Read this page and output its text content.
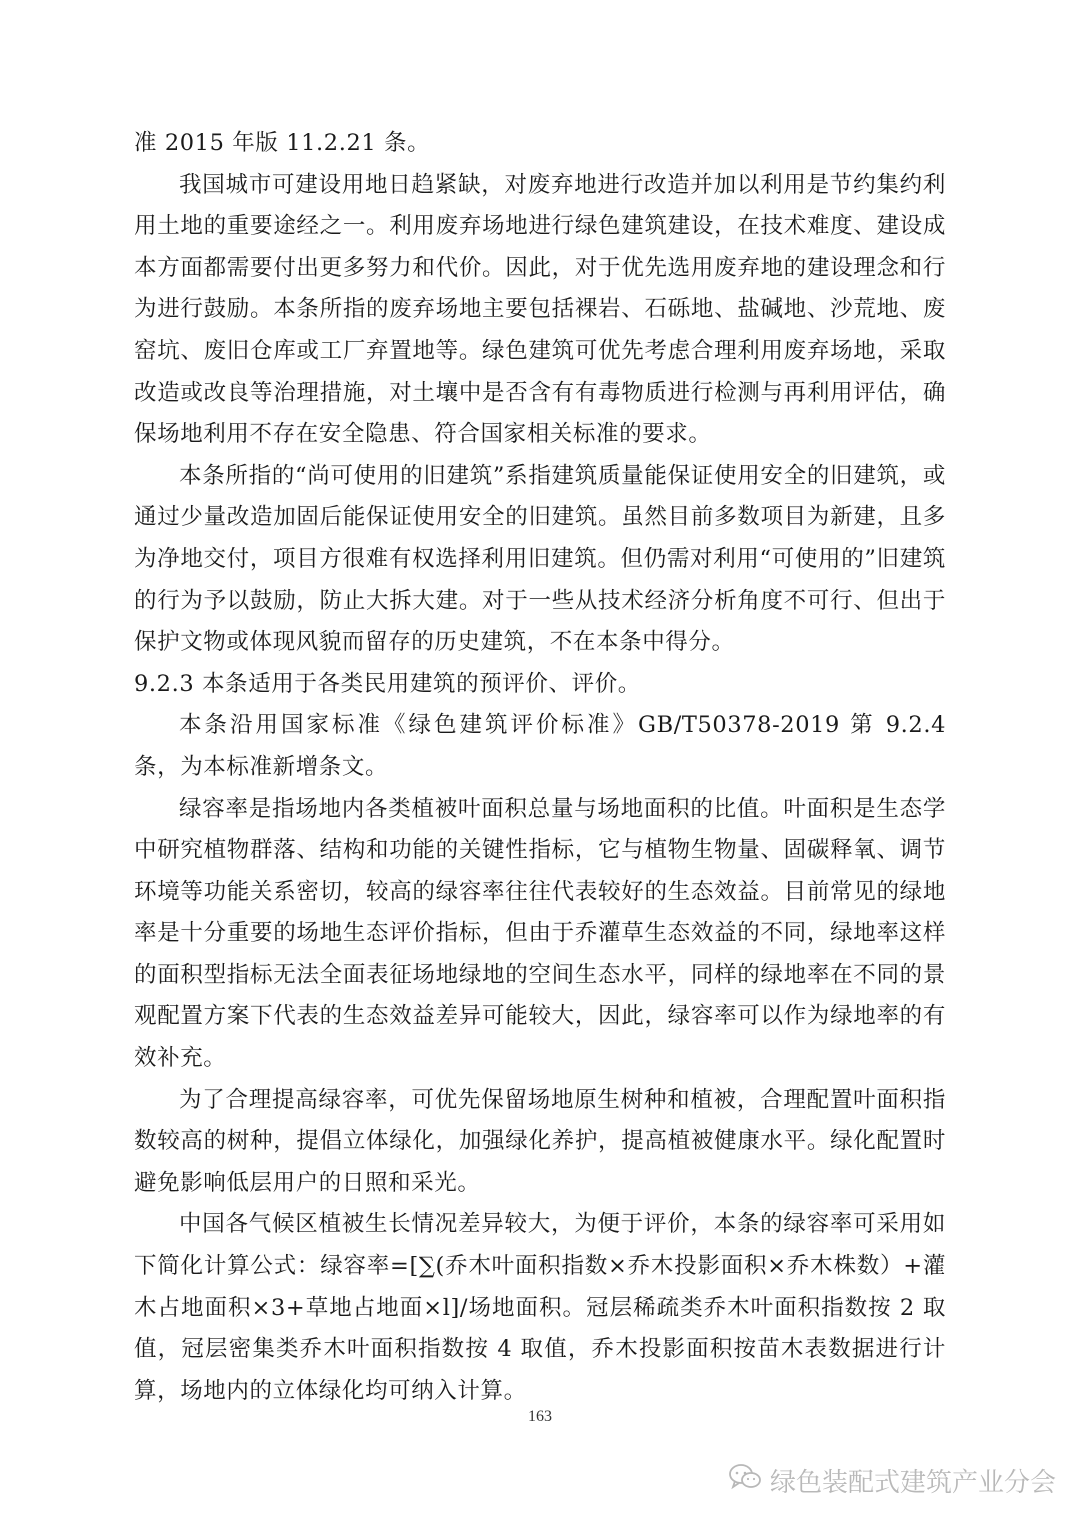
准 2015 年版 11.2.21 条。

我国城市可建设用地日趋紧缺，对废弃地进行改造并加以利用是节约集约利用土地的重要途经之一。利用废弃场地进行绿色建筑建设，在技术难度、建设成本方面都需要付出更多努力和代价。因此，对于优先选用废弃地的建设理念和行为进行鼓励。本条所指的废弃场地主要包括裸岩、石砾地、盐碱地、沙荒地、废窑坑、废旧仓库或工厂弃置地等。绿色建筑可优先考虑合理利用废弃场地，采取改造或改良等治理措施，对土壤中是否含有有毒物质进行检测与再利用评估，确保场地利用不存在安全隐患、符合国家相关标准的要求。

本条所指的“尚可使用的旧建筑”系指建筑质量能保证使用安全的旧建筑，或通过少量改造加固后能保证使用安全的旧建筑。虽然目前多数项目为新建，且多为净地交付，项目方很难有权选择利用旧建筑。但仍需对利用“可使用的”旧建筑的行为予以鼓励，防止大拆大建。对于一些从技术经济分析角度不可行、但出于保护文物或体现风貌而留存的历史建筑，不在本条中得分。

9.2.3 本条适用于各类民用建筑的预评价、评价。

本条沿用国家标准《绿色建筑评价标准》GB/T50378-2019 第 9.2.4 条，为本标准新增条文。

绿容率是指场地内各类植被叶面积总量与场地面积的比值。叶面积是生态学中研究植物群落、结构和功能的关键性指标，它与植物生物量、固碳释氧、调节环境等功能关系密切，较高的绿容率往往代表较好的生态效益。目前常见的绿地率是十分重要的场地生态评价指标，但由于乔灌草生态效益的不同，绿地率这样的面积型指标无法全面表征场地绿地的空间生态水平，同样的绿地率在不同的景观配置方案下代表的生态效益差异可能较大，因此，绿容率可以作为绿地率的有效补充。

为了合理提高绿容率，可优先保留场地原生树种和植被，合理配置叶面积指数较高的树种，提倡立体绿化，加强绿化养护，提高植被健康水平。绿化配置时避免影响低层用户的日照和采光。

中国各气候区植被生长情况差异较大，为便于评价，本条的绿容率可采用如下简化计算公式：绿容率=[∑(乔木叶面积指数×乔木投影面积×乔木株数）+灌木占地面积×3+草地占地面×l]/场地面积。冠层稀疏类乔木叶面积指数按 2 取值，冠层密集类乔木叶面积指数按 4 取值，乔木投影面积按苗木表数据进行计算，场地内的立体绿化均可纳入计算。

163
绿色装配式建筑产业分会
